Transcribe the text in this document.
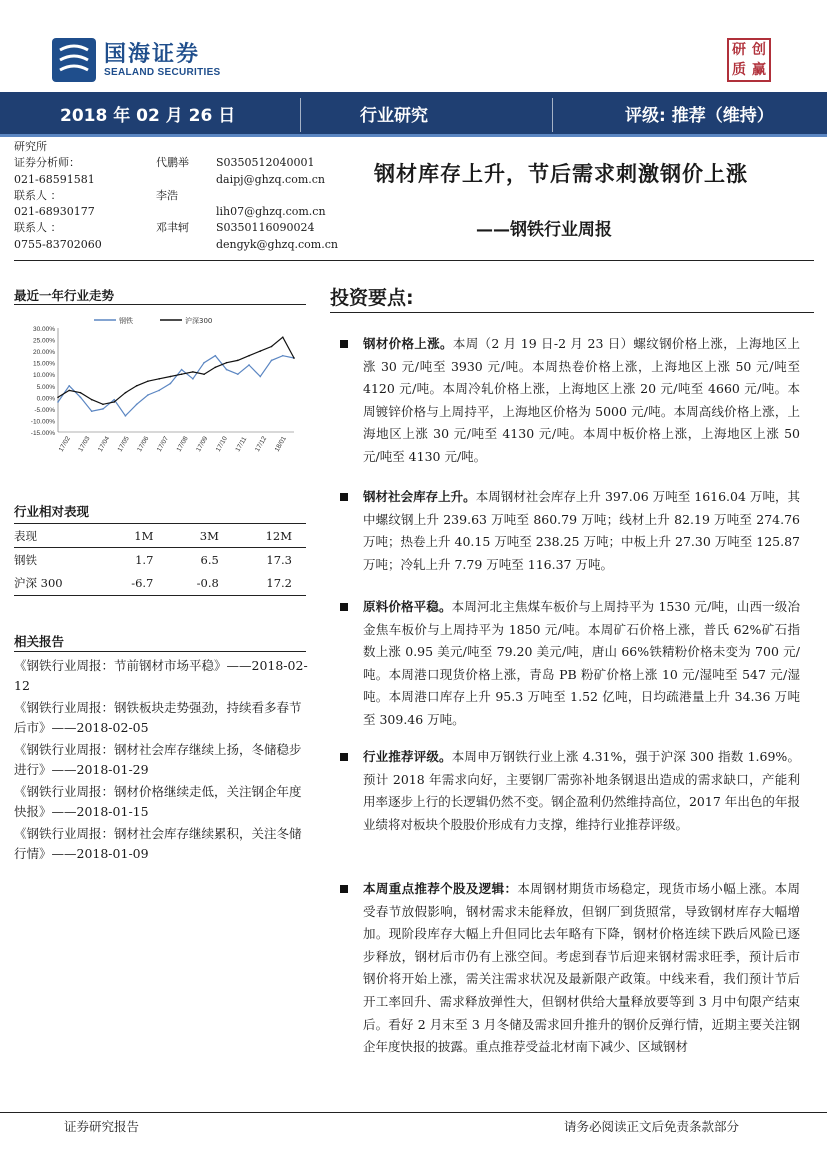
国海证券
SEALAND SECURITIES
研 创
质 赢
2018 年 02 月 26 日	行业研究	评级: 推荐（维持）
研究所
证券分析师：	代鹏举	S0350512040001
021-68591581	daipj@ghzq.com.cn
联系人 ：	李浩
021-68930177	lih07@ghzq.com.cn
联系人 ：	邓聿轲	S0350116090024
0755-83702060	dengyk@ghzq.com.cn
钢材库存上升，节后需求刺激钢价上涨
——钢铁行业周报
最近一年行业走势
30.00%
25.00%
20.00%
15.00%
10.00%
5.00%
0.00%
-5.00%
-10.00%
-15.00%
17/02 17/03 17/04 17/05 17/06 17/07 17/08 17/09 17/10 17/11 17/12 18/01
钢铁	沪深300
行业相对表现
表现	1M	3M	12M
钢铁	1.7	6.5	17.3
沪深 300	-6.7	-0.8	17.2
相关报告
《钢铁行业周报：节前钢材市场平稳》——2018-02-12
《钢铁行业周报：钢铁板块走势强劲，持续看多春节后市》——2018-02-05
《钢铁行业周报：钢材社会库存继续上扬，冬储稳步进行》——2018-01-29
《钢铁行业周报：钢材价格继续走低，关注钢企年度快报》——2018-01-15
《钢铁行业周报：钢材社会库存继续累积，关注冬储行情》——2018-01-09
投资要点:
钢材价格上涨。本周（2 月 19 日-2 月 23 日）螺纹钢价格上涨，上海地区上涨 30 元/吨至 3930 元/吨。本周热卷价格上涨，上海地区上涨 50 元/吨至 4120 元/吨。本周冷轧价格上涨，上海地区上涨 20 元/吨至 4660 元/吨。本周镀锌价格与上周持平，上海地区价格为 5000 元/吨。本周高线价格上涨，上海地区上涨 30 元/吨至 4130 元/吨。本周中板价格上涨，上海地区上涨 50 元/吨至 4130 元/吨。
钢材社会库存上升。本周钢材社会库存上升 397.06 万吨至 1616.04 万吨，其中螺纹钢上升 239.63 万吨至 860.79 万吨；线材上升 82.19 万吨至 274.76 万吨；热卷上升 40.15 万吨至 238.25 万吨；中板上升 27.30 万吨至 125.87 万吨；冷轧上升 7.79 万吨至 116.37 万吨。
原料价格平稳。本周河北主焦煤车板价与上周持平为 1530 元/吨，山西一级冶金焦车板价与上周持平为 1850 元/吨。本周矿石价格上涨，普氏 62%矿石指数上涨 0.95 美元/吨至 79.20 美元/吨，唐山 66%铁精粉价格未变为 700 元/吨。本周港口现货价格上涨，青岛 PB 粉矿价格上涨 10 元/湿吨至 547 元/湿吨。本周港口库存上升 95.3 万吨至 1.52 亿吨，日均疏港量上升 34.36 万吨至 309.46 万吨。
行业推荐评级。本周申万钢铁行业上涨 4.31%，强于沪深 300 指数 1.69%。预计 2018 年需求向好，主要钢厂需弥补地条钢退出造成的需求缺口，产能利用率逐步上行的长逻辑仍然不变。钢企盈利仍然维持高位，2017 年出色的年报业绩将对板块个股股价形成有力支撑，维持行业推荐评级。
本周重点推荐个股及逻辑：本周钢材期货市场稳定，现货市场小幅上涨。本周受春节放假影响，钢材需求未能释放，但钢厂到货照常，导致钢材库存大幅增加。现阶段库存大幅上升但同比去年略有下降，钢材价格连续下跌后风险已逐步释放，钢材后市仍有上涨空间。考虑到春节后迎来钢材需求旺季，预计后市钢价将开始上涨，需关注需求状况及最新限产政策。中线来看，我们预计节后开工率回升、需求释放弹性大，但钢材供给大量释放要等到 3 月中旬限产结束后。看好 2 月末至 3 月冬储及需求回升推升的钢价反弹行情，近期主要关注钢企年度快报的披露。重点推荐受益北材南下减少、区域钢材
证券研究报告	请务必阅读正文后免责条款部分
